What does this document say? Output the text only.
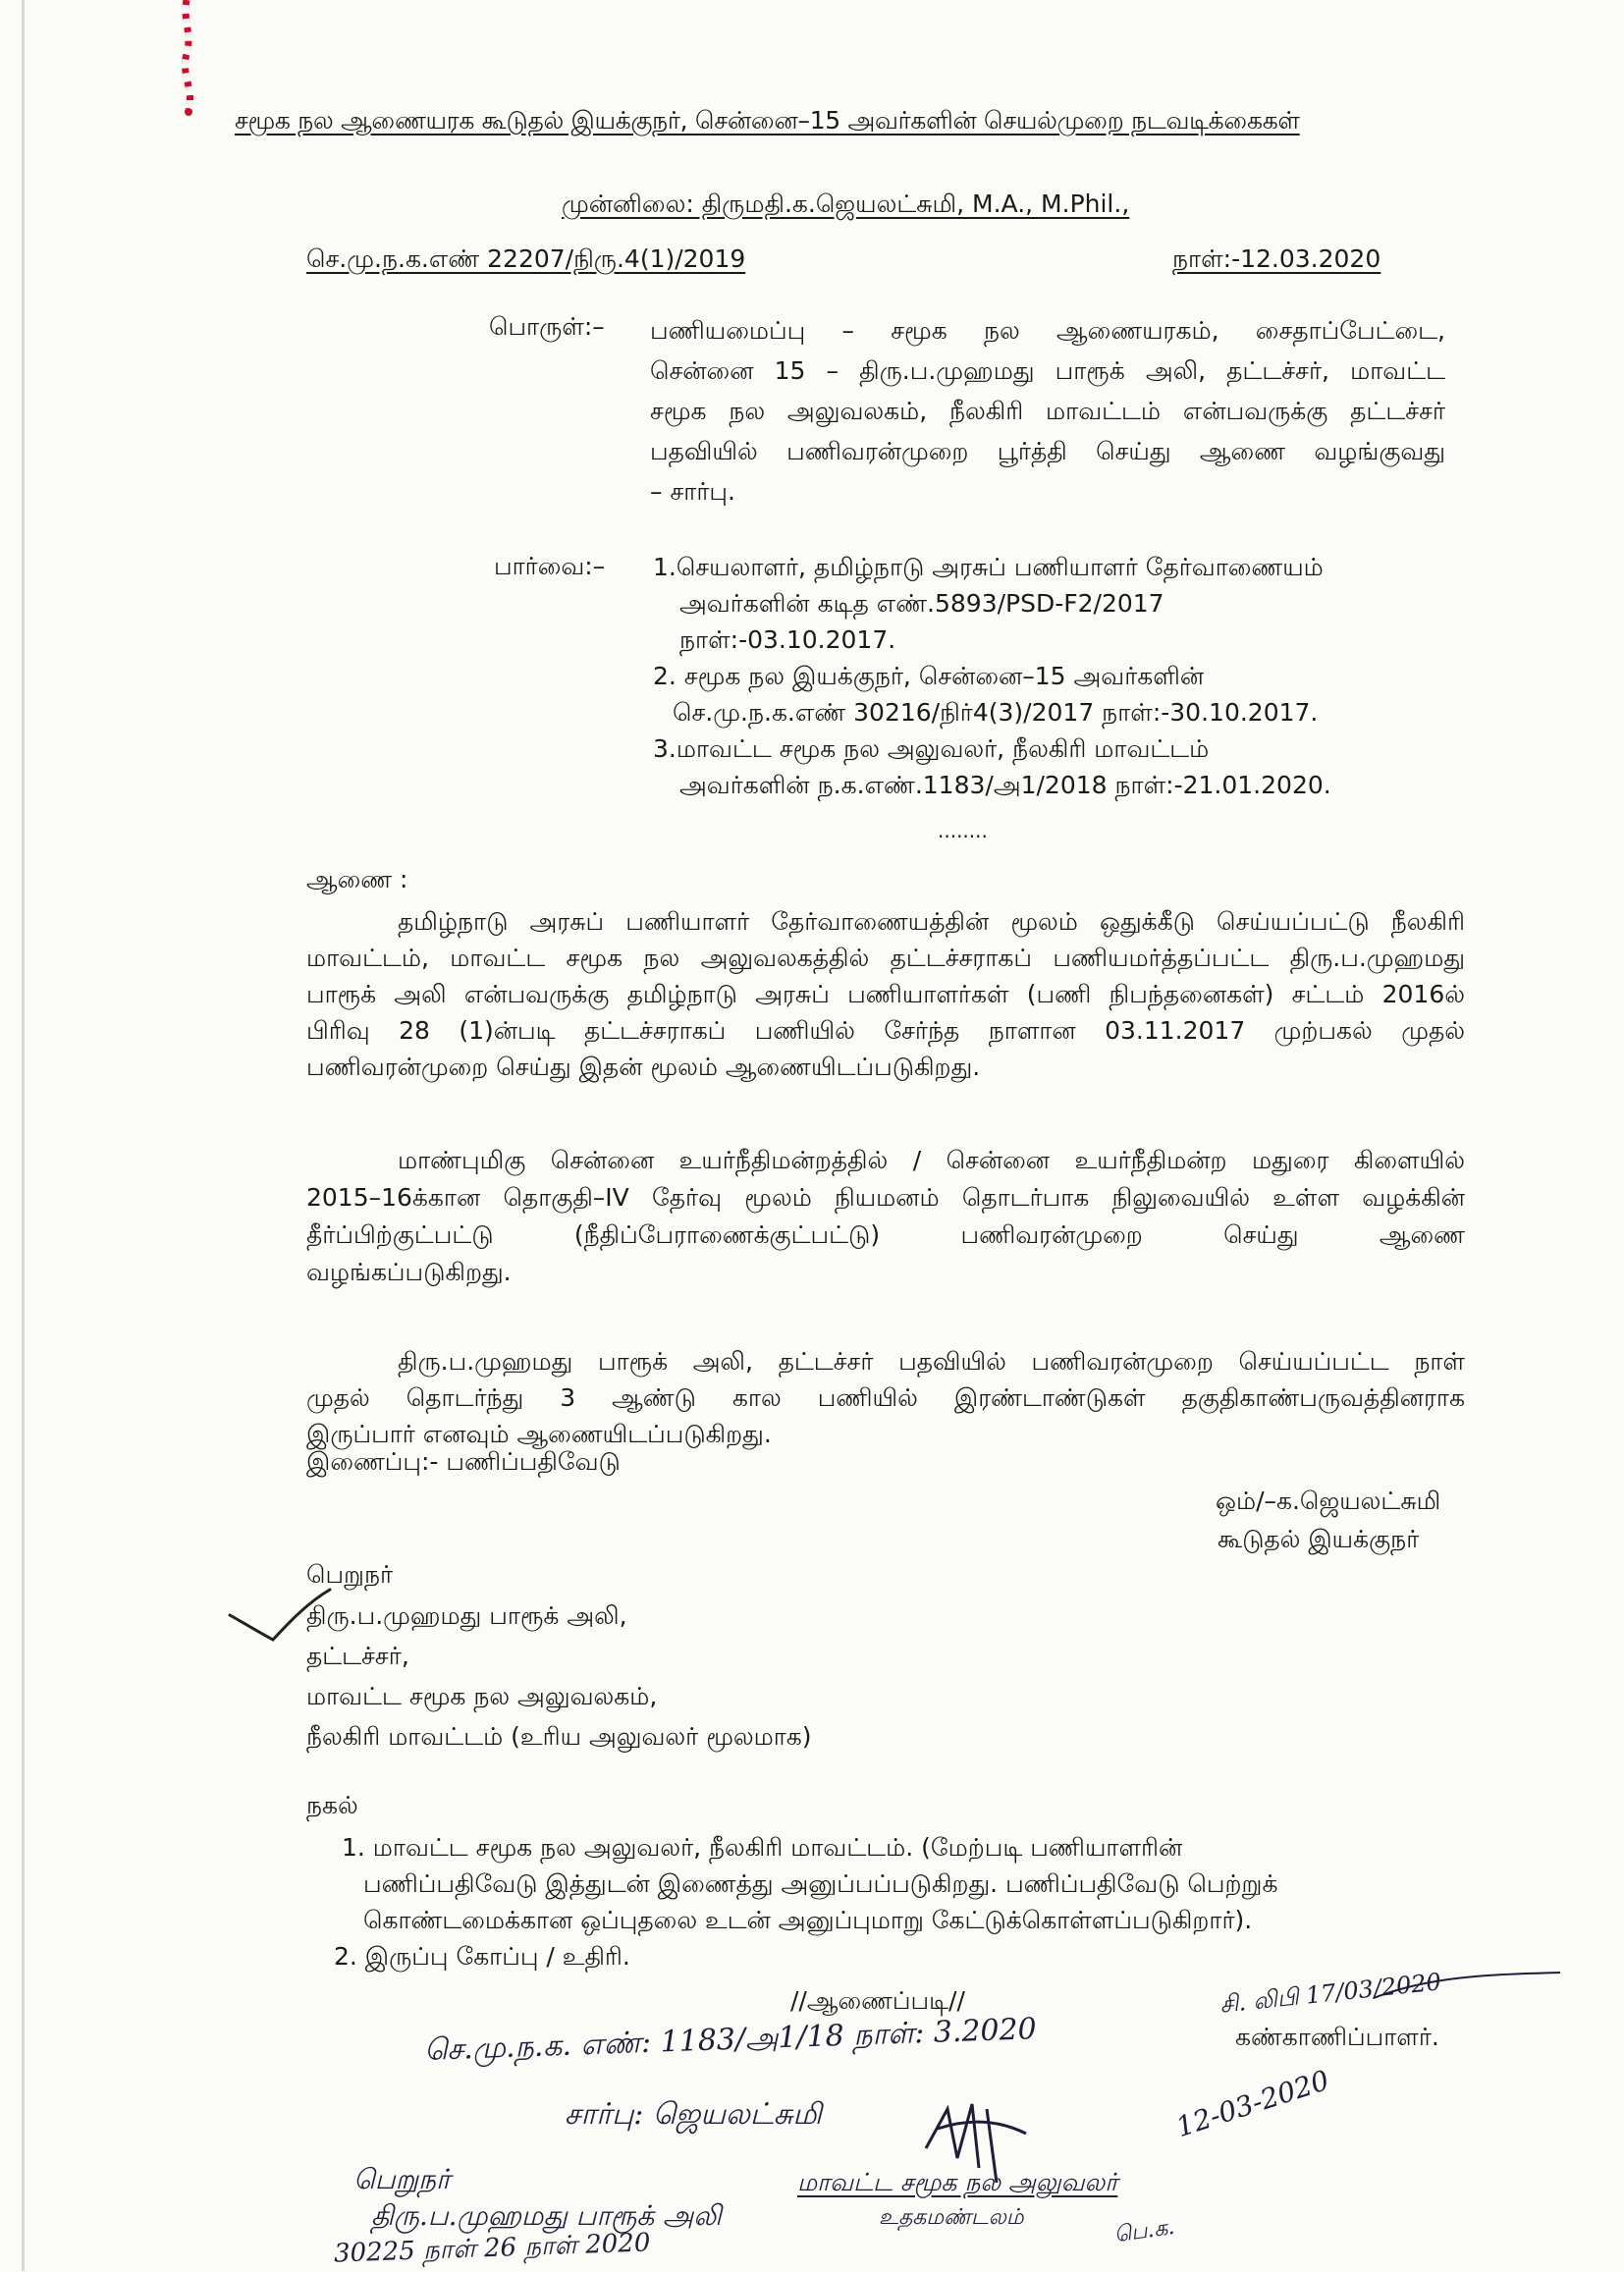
சமூக நல ஆணையரக கூடுதல் இயக்குநர், சென்னை–15 அவர்களின் செயல்முறை நடவடிக்கைகள்
முன்னிலை: திருமதி.க.ஜெயலட்சுமி, M.A., M.Phil.,
செ.மு.ந.க.எண் 22207/நிரு.4(1)/2019	நாள்:-12.03.2020
பொருள்:– பணியமைப்பு – சமூக நல ஆணையரகம், சைதாப்பேட்டை,
சென்னை 15 – திரு.ப.முஹமது பாரூக் அலி, தட்டச்சர், மாவட்ட
சமூக நல அலுவலகம், நீலகிரி மாவட்டம் என்பவருக்கு தட்டச்சர்
பதவியில் பணிவரன்முறை பூர்த்தி செய்து ஆணை வழங்குவது
– சார்பு.
பார்வை:– 1.செயலாளர், தமிழ்நாடு அரசுப் பணியாளர் தேர்வாணையம்
அவர்களின் கடித எண்.5893/PSD-F2/2017
நாள்:-03.10.2017.
2. சமூக நல இயக்குநர், சென்னை–15 அவர்களின்
செ.மு.ந.க.எண் 30216/நிர்4(3)/2017 நாள்:-30.10.2017.
3.மாவட்ட சமூக நல அலுவலர், நீலகிரி மாவட்டம்
அவர்களின் ந.க.எண்.1183/அ1/2018 நாள்:-21.01.2020.
........
ஆணை :
தமிழ்நாடு அரசுப் பணியாளர் தேர்வாணையத்தின் மூலம் ஒதுக்கீடு செய்யப்பட்டு நீலகிரி
மாவட்டம், மாவட்ட சமூக நல அலுவலகத்தில் தட்டச்சராகப் பணியமர்த்தப்பட்ட திரு.ப.முஹமது
பாரூக் அலி என்பவருக்கு தமிழ்நாடு அரசுப் பணியாளர்கள் (பணி நிபந்தனைகள்) சட்டம் 2016ல்
பிரிவு 28 (1)ன்படி தட்டச்சராகப் பணியில் சேர்ந்த நாளான 03.11.2017 முற்பகல் முதல்
பணிவரன்முறை செய்து இதன் மூலம் ஆணையிடப்படுகிறது.
மாண்புமிகு சென்னை உயர்நீதிமன்றத்தில் / சென்னை உயர்நீதிமன்ற மதுரை கிளையில்
2015–16க்கான தொகுதி–IV தேர்வு மூலம் நியமனம் தொடர்பாக நிலுவையில் உள்ள வழக்கின்
தீர்ப்பிற்குட்பட்டு (நீதிப்பேராணைக்குட்பட்டு) பணிவரன்முறை செய்து ஆணை
வழங்கப்படுகிறது.
திரு.ப.முஹமது பாரூக் அலி, தட்டச்சர் பதவியில் பணிவரன்முறை செய்யப்பட்ட நாள்
முதல் தொடர்ந்து 3 ஆண்டு கால பணியில் இரண்டாண்டுகள் தகுதிகாண்பருவத்தினராக
இருப்பார் எனவும் ஆணையிடப்படுகிறது.
இணைப்பு:- பணிப்பதிவேடு
ஒம்/–க.ஜெயலட்சுமி
கூடுதல் இயக்குநர்
பெறுநர்
திரு.ப.முஹமது பாரூக் அலி,
தட்டச்சர்,
மாவட்ட சமூக நல அலுவலகம்,
நீலகிரி மாவட்டம் (உரிய அலுவலர் மூலமாக)
நகல்
1. மாவட்ட சமூக நல அலுவலர், நீலகிரி மாவட்டம். (மேற்படி பணியாளரின்
பணிப்பதிவேடு இத்துடன் இணைத்து அனுப்பப்படுகிறது. பணிப்பதிவேடு பெற்றுக்
கொண்டமைக்கான ஒப்புதலை உடன் அனுப்புமாறு கேட்டுக்கொள்ளப்படுகிறார்).
2. இருப்பு கோப்பு / உதிரி.
//ஆணைப்படி//
கண்காணிப்பாளர்.
சி. லிபி 17/03/2020
செ.மு.ந.க. எண்: 1183/அ1/18 நாள்: 3.2020
சார்பு: ஜெயலட்சுமி	12-03-2020
மாவட்ட சமூக நல அலுவலர்
உதகமண்டலம்
பெறுநர்
திரு.ப.முஹமது பாரூக் அலி
30225 நாள் 26 நாள் 2020	பெ.க.
